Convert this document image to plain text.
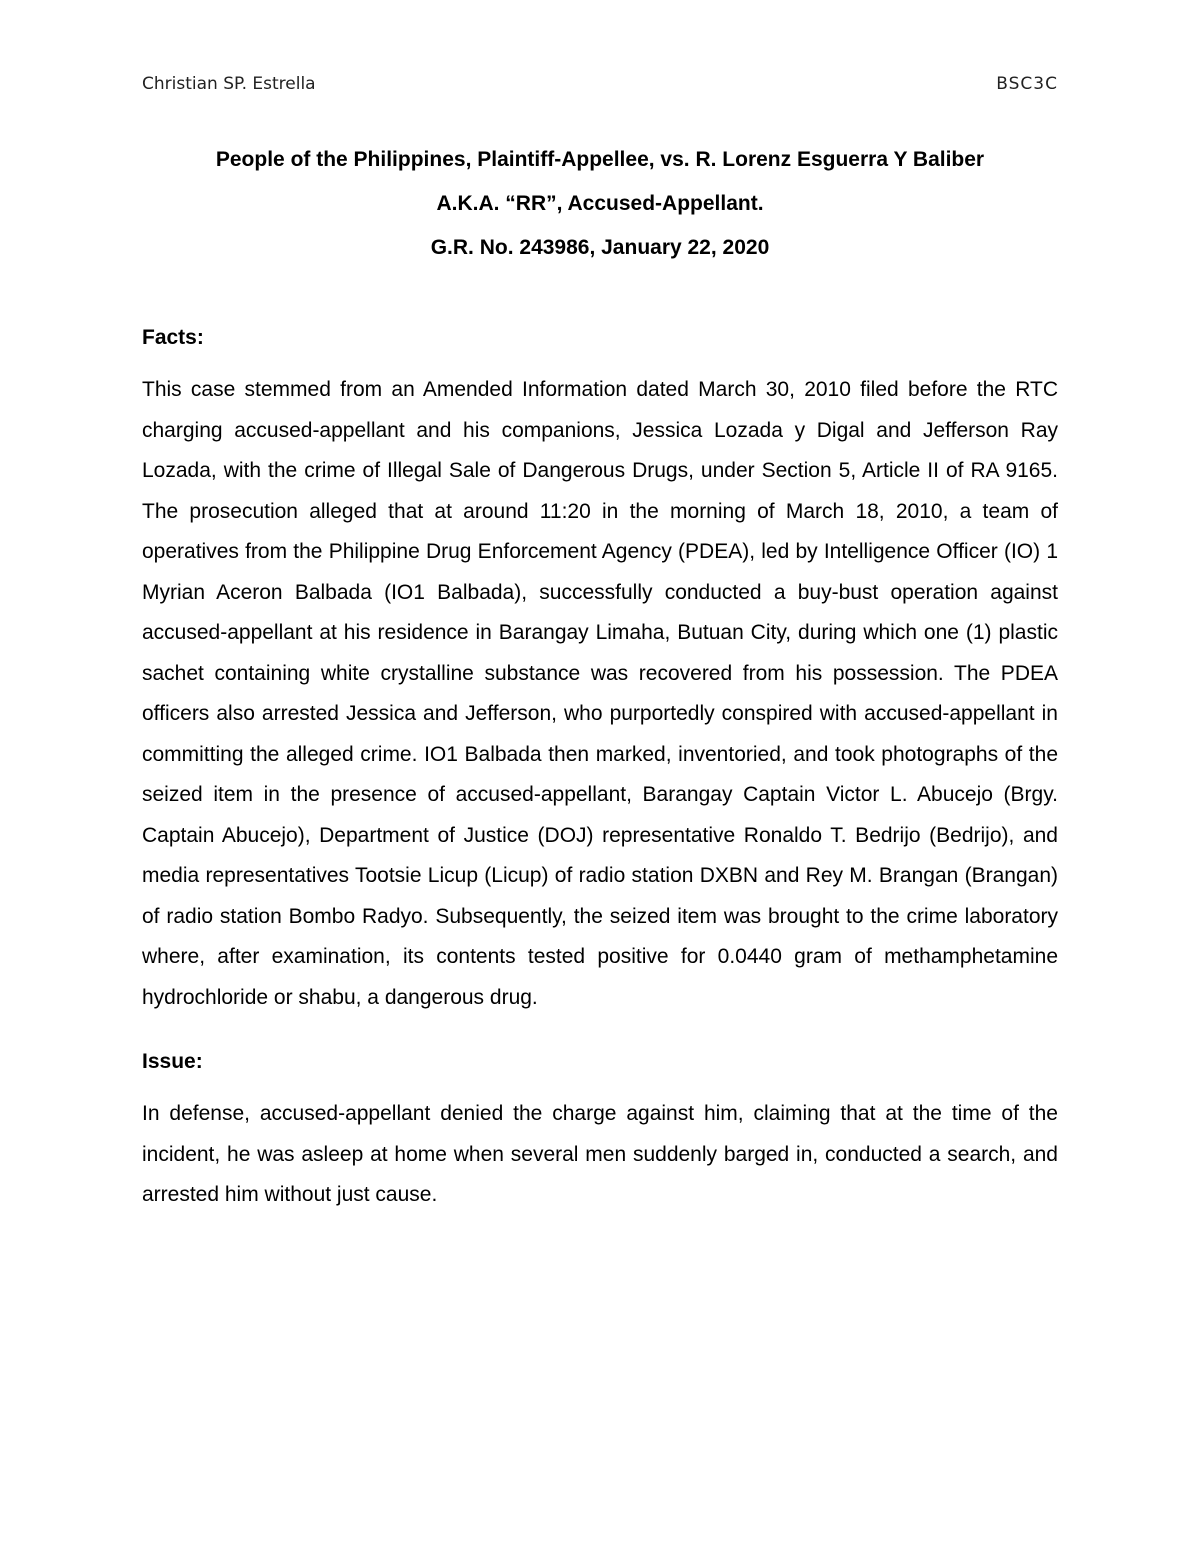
Christian SP. Estrella	BSC3C

People of the Philippines, Plaintiff-Appellee, vs. R. Lorenz Esguerra Y Baliber

A.K.A. “RR”, Accused-Appellant.

G.R. No. 243986, January 22, 2020

Facts:

This case stemmed from an Amended Information dated March 30, 2010 filed before the RTC charging accused-appellant and his companions, Jessica Lozada y Digal and Jefferson Ray Lozada, with the crime of Illegal Sale of Dangerous Drugs, under Section 5, Article II of RA 9165. The prosecution alleged that at around 11:20 in the morning of March 18, 2010, a team of operatives from the Philippine Drug Enforcement Agency (PDEA), led by Intelligence Officer (IO) 1 Myrian Aceron Balbada (IO1 Balbada), successfully conducted a buy-bust operation against accused-appellant at his residence in Barangay Limaha, Butuan City, during which one (1) plastic sachet containing white crystalline substance was recovered from his possession. The PDEA officers also arrested Jessica and Jefferson, who purportedly conspired with accused-appellant in committing the alleged crime. IO1 Balbada then marked, inventoried, and took photographs of the seized item in the presence of accused-appellant, Barangay Captain Victor L. Abucejo (Brgy. Captain Abucejo), Department of Justice (DOJ) representative Ronaldo T. Bedrijo (Bedrijo), and media representatives Tootsie Licup (Licup) of radio station DXBN and Rey M. Brangan (Brangan) of radio station Bombo Radyo. Subsequently, the seized item was brought to the crime laboratory where, after examination, its contents tested positive for 0.0440 gram of methamphetamine hydrochloride or shabu, a dangerous drug.

Issue:

In defense, accused-appellant denied the charge against him, claiming that at the time of the incident, he was asleep at home when several men suddenly barged in, conducted a search, and arrested him without just cause.
